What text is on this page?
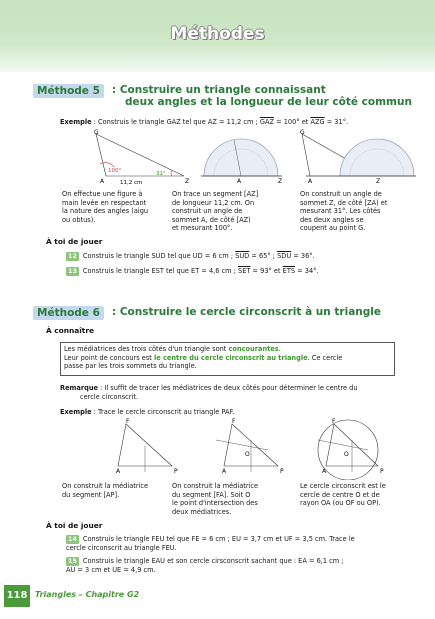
Méthodes
Méthode 5	: Construire un triangle connaissant
deux angles et la longueur de leur côté commun
Exemple : Construis le triangle GAZ tel que AZ = 11,2 cm ; $\overline{GAZ} = 100^\circ$ et $\overline{AZG} = 31^\circ$.
G
A	Z
100°	31°
11,2 cm	A	Z
G
A	Z
On effectue une figure à
main levée en respectant
la nature des angles (aigu
ou obtus).
On trace un segment [AZ]
de longueur 11,2 cm. On
construit un angle de
sommet A, de côté [AZ)
et mesurant 100°.
On construit un angle de
sommet Z, de côté [ZA) et
mesurant 31°. Les côtés
des deux angles se
coupent au point G.
À toi de jouer
12 Construis le triangle SUD tel que UD = 6 cm ; $\overline{SUD} = 65^\circ$ ; $\overline{SDU} = 36^\circ$.
13 Construis le triangle EST tel que ET = 4,6 cm ; $\overline{SET} = 93^\circ$ et $\overline{ETS} = 34^\circ$.
Méthode 6	: Construire le cercle circonscrit à un triangle
À connaître
Les médiatrices des trois côtés d'un triangle sont concourantes.
Leur point de concours est le centre du cercle circonscrit au triangle. Ce cercle
passe par les trois sommets du triangle.
Remarque : Il suffit de tracer les médiatrices de deux côtés pour déterminer le centre du
cercle circonscrit.
Exemple : Trace le cercle circonscrit au triangle PAF.
F
A	P
F
A	P
O
F
A	P
O
On construit la médiatrice
du segment [AP].
On construit la médiatrice
du segment [FA]. Soit O
le point d'intersection des
deux médiatrices.
Le cercle circonscrit est le
cercle de centre O et de
rayon OA (ou OF ou OP).
À toi de jouer
14 Construis le triangle FEU tel que FE = 6 cm ; EU = 3,7 cm et UF = 3,5 cm. Trace le
cercle circonscrit au triangle FEU.
15 Construis le triangle EAU et son cercle cirsconscrit sachant que : EA = 6,1 cm ;
AU = 3 cm et UE = 4,9 cm.
118 Triangles – Chapitre G2
